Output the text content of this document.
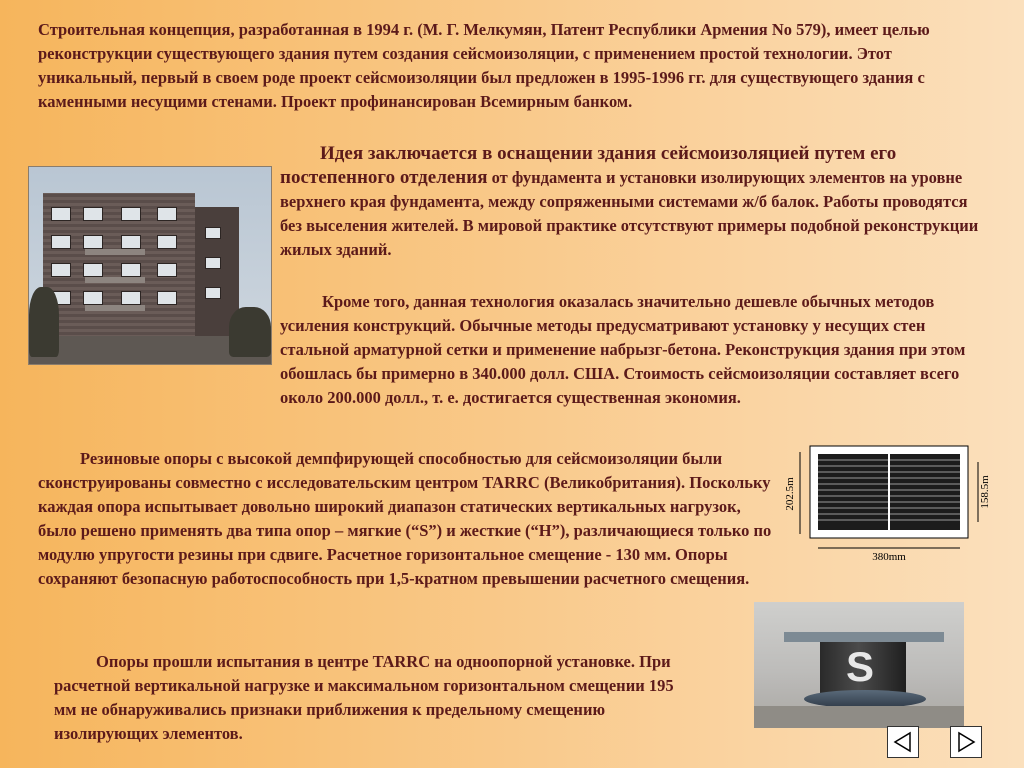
Строительная концепция, разработанная в 1994 г. (М. Г. Мелкумян, Патент Республики Армения No 579), имеет целью реконструкции существующего здания путем создания сейсмоизоляции, с применением простой технологии. Этот уникальный, первый в своем роде проект сейсмоизоляции был предложен в 1995-1996 гг. для существующего здания с каменными несущими стенами. Проект профинансирован Всемирным банком.

Идея заключается в оснащении здания сейсмоизоляцией путем его постепенного отделения от фундамента и установки изолирующих элементов на уровне верхнего края фундамента, между сопряженными системами ж/б балок. Работы проводятся без выселения жителей. В мировой практике отсутствуют примеры подобной реконструкции жилых зданий.

Кроме того, данная технология оказалась значительно дешевле обычных методов усиления конструкций. Обычные методы предусматривают установку у несущих стен стальной арматурной сетки и применение набрызг-бетона. Реконструкция здания при этом обошлась бы примерно в 340.000 долл. США. Стоимость сейсмоизоляции составляет всего около 200.000 долл., т. е. достигается существенная экономия.

Резиновые опоры с высокой демпфирующей способностью для сейсмоизоляции были сконструированы совместно с исследовательским центром TARRC (Великобритания). Поскольку каждая опора испытывает довольно широкий диапазон статических вертикальных нагрузок, было решено применять два типа опор – мягкие (“S”) и жесткие (“H”), различающиеся только по модулю упругости резины при сдвиге. Расчетное горизонтальное смещение - 130 мм. Опоры сохраняют безопасную работоспособность при 1,5-кратном превышении расчетного смещения.

202.5m	158.5m
380mm

Опоры прошли испытания в центре TARRC на одноопорной установке. При расчетной вертикальной нагрузке и максимальном горизонтальном смещении 195 мм не обнаруживались признаки приближения к предельному смещению изолирующих элементов.

S
